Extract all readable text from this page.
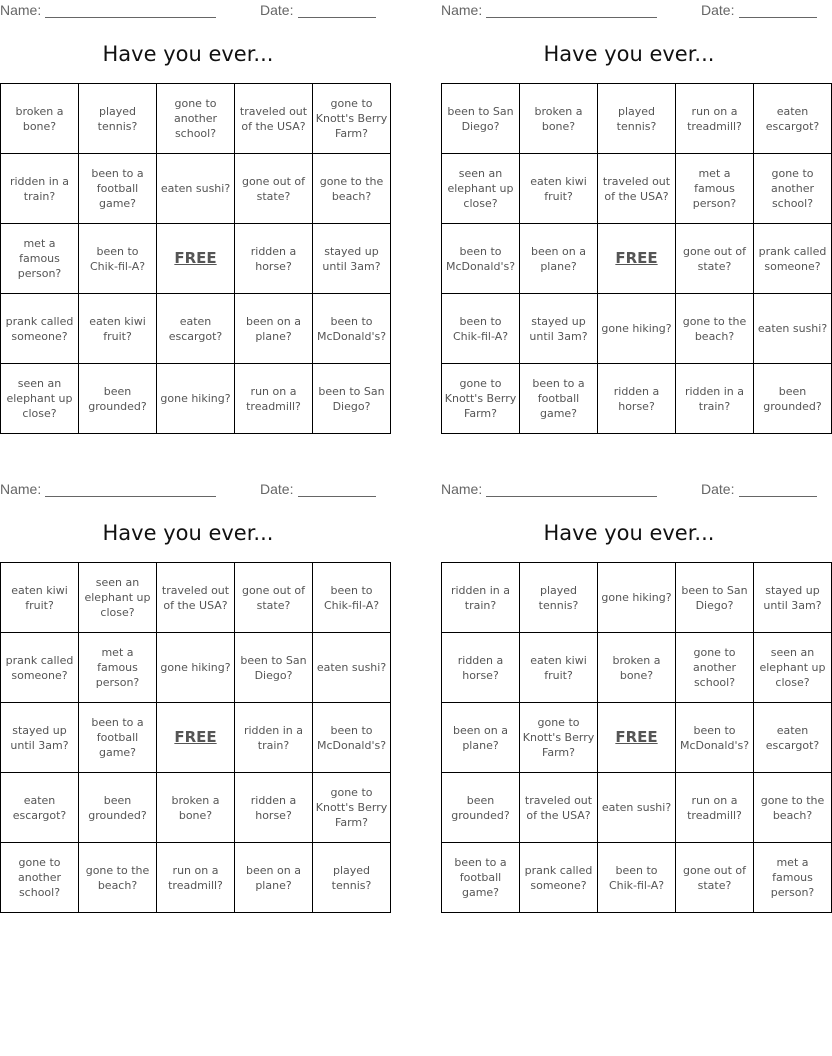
Name:	Date:
Have you ever...
broken a bone?	played tennis?	gone to another school?	traveled out of the USA?	gone to Knott's Berry Farm?
ridden in a train?	been to a football game?	eaten sushi?	gone out of state?	gone to the beach?
met a famous person?	been to Chik-fil-A?	FREE	ridden a horse?	stayed up until 3am?
prank called someone?	eaten kiwi fruit?	eaten escargot?	been on a plane?	been to McDonald's?
seen an elephant up close?	been grounded?	gone hiking?	run on a treadmill?	been to San Diego?
Name:	Date:
Have you ever...
been to San Diego?	broken a bone?	played tennis?	run on a treadmill?	eaten escargot?
seen an elephant up close?	eaten kiwi fruit?	traveled out of the USA?	met a famous person?	gone to another school?
been to McDonald's?	been on a plane?	FREE	gone out of state?	prank called someone?
been to Chik-fil-A?	stayed up until 3am?	gone hiking?	gone to the beach?	eaten sushi?
gone to Knott's Berry Farm?	been to a football game?	ridden a horse?	ridden in a train?	been grounded?
Name:	Date:
Have you ever...
eaten kiwi fruit?	seen an elephant up close?	traveled out of the USA?	gone out of state?	been to Chik-fil-A?
prank called someone?	met a famous person?	gone hiking?	been to San Diego?	eaten sushi?
stayed up until 3am?	been to a football game?	FREE	ridden in a train?	been to McDonald's?
eaten escargot?	been grounded?	broken a bone?	ridden a horse?	gone to Knott's Berry Farm?
gone to another school?	gone to the beach?	run on a treadmill?	been on a plane?	played tennis?
Name:	Date:
Have you ever...
ridden in a train?	played tennis?	gone hiking?	been to San Diego?	stayed up until 3am?
ridden a horse?	eaten kiwi fruit?	broken a bone?	gone to another school?	seen an elephant up close?
been on a plane?	gone to Knott's Berry Farm?	FREE	been to McDonald's?	eaten escargot?
been grounded?	traveled out of the USA?	eaten sushi?	run on a treadmill?	gone to the beach?
been to a football game?	prank called someone?	been to Chik-fil-A?	gone out of state?	met a famous person?
